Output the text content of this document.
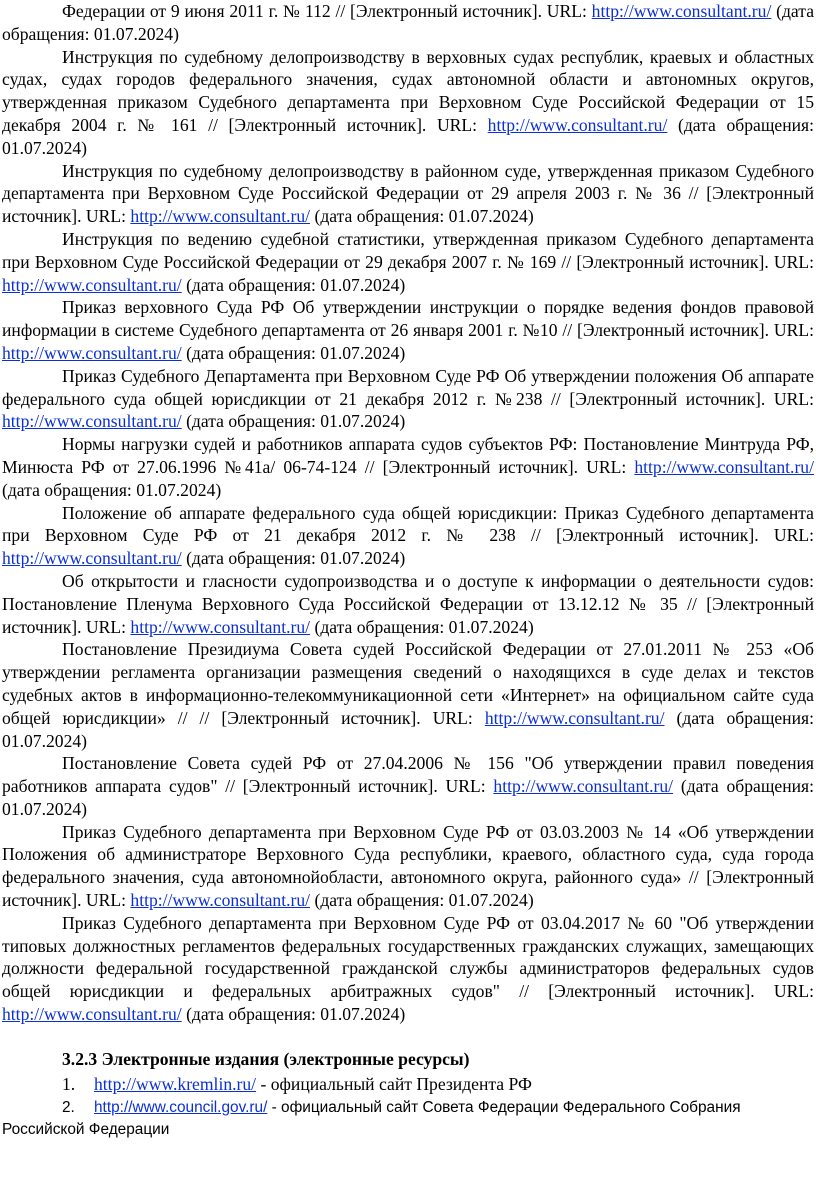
Федерации от 9 июня 2011 г. № 112 // [Электронный источник]. URL: http://www.consultant.ru/ (дата обращения: 01.07.2024)

Инструкция по судебному делопроизводству в верховных судах республик, краевых и областных судах, судах городов федерального значения, судах автономной области и автономных округов, утвержденная приказом Судебного департамента при Верховном Суде Российской Федерации от 15 декабря 2004 г. № 161 // [Электронный источник]. URL: http://www.consultant.ru/ (дата обращения: 01.07.2024)

Инструкция по судебному делопроизводству в районном суде, утвержденная приказом Судебного департамента при Верховном Суде Российской Федерации от 29 апреля 2003 г. № 36 // [Электронный источник]. URL: http://www.consultant.ru/ (дата обращения: 01.07.2024)

Инструкция по ведению судебной статистики, утвержденная приказом Судебного департамента при Верховном Суде Российской Федерации от 29 декабря 2007 г. № 169 // [Электронный источник]. URL: http://www.consultant.ru/ (дата обращения: 01.07.2024)

Приказ верховного Суда РФ Об утверждении инструкции о порядке ведения фондов правовой информации в системе Судебного департамента от 26 января 2001 г. №10 // [Электронный источник]. URL: http://www.consultant.ru/ (дата обращения: 01.07.2024)

Приказ Судебного Департамента при Верховном Суде РФ Об утверждении положения Об аппарате федерального суда общей юрисдикции от 21 декабря 2012 г. №238 // [Электронный источник]. URL: http://www.consultant.ru/ (дата обращения: 01.07.2024)

Нормы нагрузки судей и работников аппарата судов субъектов РФ: Постановление Минтруда РФ, Минюста РФ от 27.06.1996 №41а/ 06-74-124 // [Электронный источник]. URL: http://www.consultant.ru/ (дата обращения: 01.07.2024)

Положение об аппарате федерального суда общей юрисдикции: Приказ Судебного департамента при Верховном Суде РФ от 21 декабря 2012 г. № 238 // [Электронный источник]. URL: http://www.consultant.ru/ (дата обращения: 01.07.2024)

Об открытости и гласности судопроизводства и о доступе к информации о деятельности судов: Постановление Пленума Верховного Суда Российской Федерации от 13.12.12 № 35 // [Электронный источник]. URL: http://www.consultant.ru/ (дата обращения: 01.07.2024)

Постановление Президиума Совета судей Российской Федерации от 27.01.2011 № 253 «Об утверждении регламента организации размещения сведений о находящихся в суде делах и текстов судебных актов в информационно-телекоммуникационной сети «Интернет» на официальном сайте суда общей юрисдикции» // // [Электронный источник]. URL: http://www.consultant.ru/ (дата обращения: 01.07.2024)

Постановление Совета судей РФ от 27.04.2006 № 156 "Об утверждении правил поведения работников аппарата судов" // [Электронный источник]. URL: http://www.consultant.ru/ (дата обращения: 01.07.2024)

Приказ Судебного департамента при Верховном Суде РФ от 03.03.2003 № 14 «Об утверждении Положения об администраторе Верховного Суда республики, краевого, областного суда, суда города федерального значения, суда автономнойобласти, автономного округа, районного суда» // [Электронный источник]. URL: http://www.consultant.ru/ (дата обращения: 01.07.2024)

Приказ Судебного департамента при Верховном Суде РФ от 03.04.2017 № 60 "Об утверждении типовых должностных регламентов федеральных государственных гражданских служащих, замещающих должности федеральной государственной гражданской службы администраторов федеральных судов общей юрисдикции и федеральных арбитражных судов" // [Электронный источник]. URL: http://www.consultant.ru/ (дата обращения: 01.07.2024)

3.2.3 Электронные издания (электронные ресурсы)
1. http://www.kremlin.ru/ - официальный сайт Президента РФ
2. http://www.council.gov.ru/ - официальный сайт Совета Федерации Федерального Собрания

Российской Федерации
